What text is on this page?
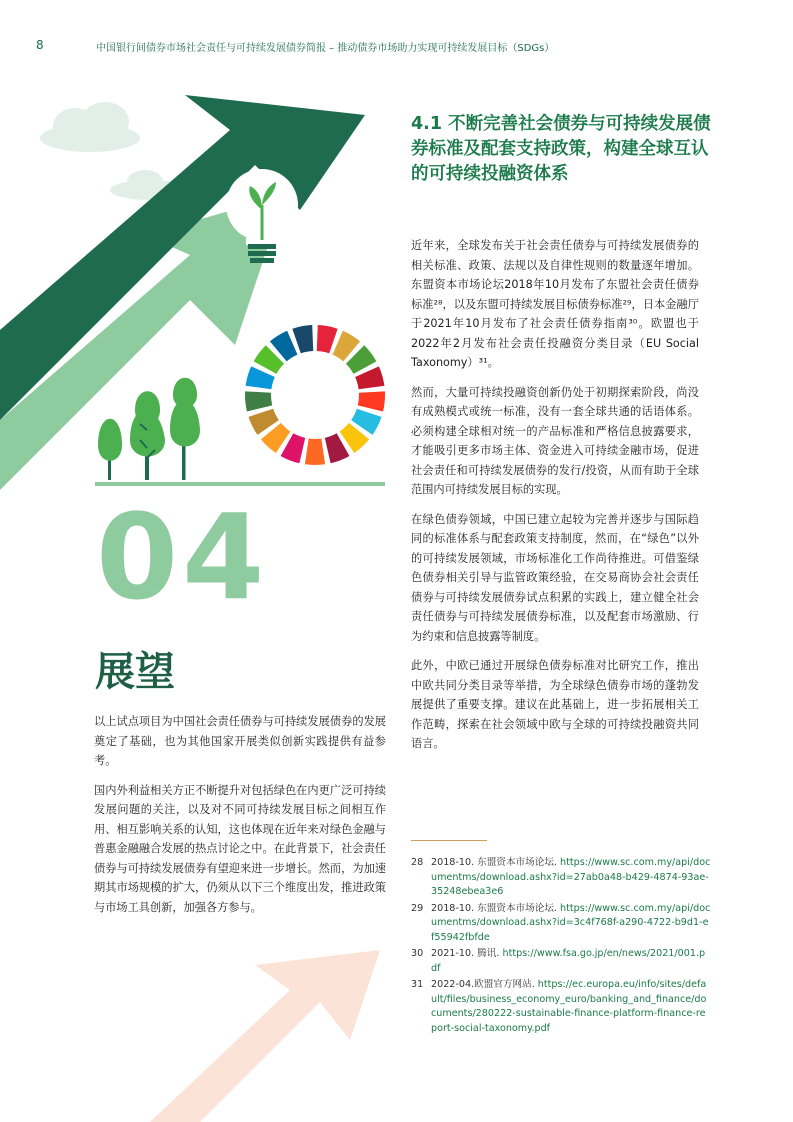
8	中国银行间债券市场社会责任与可持续发展债券简报 – 推动债券市场助力实现可持续发展目标（SDGs）
04
展望
4.1 不断完善社会债券与可持续发展债券标准及配套支持政策，构建全球互认的可持续投融资体系

近年来，全球发布关于社会责任债券与可持续发展债券的相关标准、政策、法规以及自律性规则的数量逐年增加。东盟资本市场论坛2018年10月发布了东盟社会责任债券标准²⁸，以及东盟可持续发展目标债券标准²⁹，日本金融厅于2021年10月发布了社会责任债券指南³⁰。欧盟也于2022年2月发布社会责任投融资分类目录（EU Social Taxonomy）³¹。

然而，大量可持续投融资创新仍处于初期探索阶段，尚没有成熟模式或统一标准，没有一套全球共通的话语体系。必须构建全球相对统一的产品标准和严格信息披露要求，才能吸引更多市场主体、资金进入可持续金融市场，促进社会责任和可持续发展债券的发行/投资，从而有助于全球范围内可持续发展目标的实现。

在绿色债券领域，中国已建立起较为完善并逐步与国际趋同的标准体系与配套政策支持制度，然而，在“绿色”以外的可持续发展领域，市场标准化工作尚待推进。可借鉴绿色债券相关引导与监管政策经验，在交易商协会社会责任债券与可持续发展债券试点积累的实践上，建立健全社会责任债券与可持续发展债券标准，以及配套市场激励、行为约束和信息披露等制度。

此外，中欧已通过开展绿色债券标准对比研究工作，推出中欧共同分类目录等举措，为全球绿色债券市场的蓬勃发展提供了重要支撑。建议在此基础上，进一步拓展相关工作范畴，探索在社会领域中欧与全球的可持续投融资共同语言。

以上试点项目为中国社会责任债券与可持续发展债券的发展奠定了基础，也为其他国家开展类似创新实践提供有益参考。

国内外利益相关方正不断提升对包括绿色在内更广泛可持续发展问题的关注，以及对不同可持续发展目标之间相互作用、相互影响关系的认知，这也体现在近年来对绿色金融与普惠金融融合发展的热点讨论之中。在此背景下，社会责任债券与可持续发展债券有望迎来进一步增长。然而，为加速期其市场规模的扩大，仍须从以下三个维度出发，推进政策与市场工具创新，加强各方参与。

28 2018-10. 东盟资本市场论坛. https://www.sc.com.my/api/documentms/download.ashx?id=27ab0a48-b429-4874-93ae-35248ebea3e6
29 2018-10. 东盟资本市场论坛. https://www.sc.com.my/api/documentms/download.ashx?id=3c4f768f-a290-4722-b9d1-ef55942fbfde
30 2021-10. 腾讯. https://www.fsa.go.jp/en/news/2021/001.pdf
31 2022-04.欧盟官方网站. https://ec.europa.eu/info/sites/default/files/business_economy_euro/banking_and_finance/documents/280222-sustainable-finance-platform-finance-report-social-taxonomy.pdf
